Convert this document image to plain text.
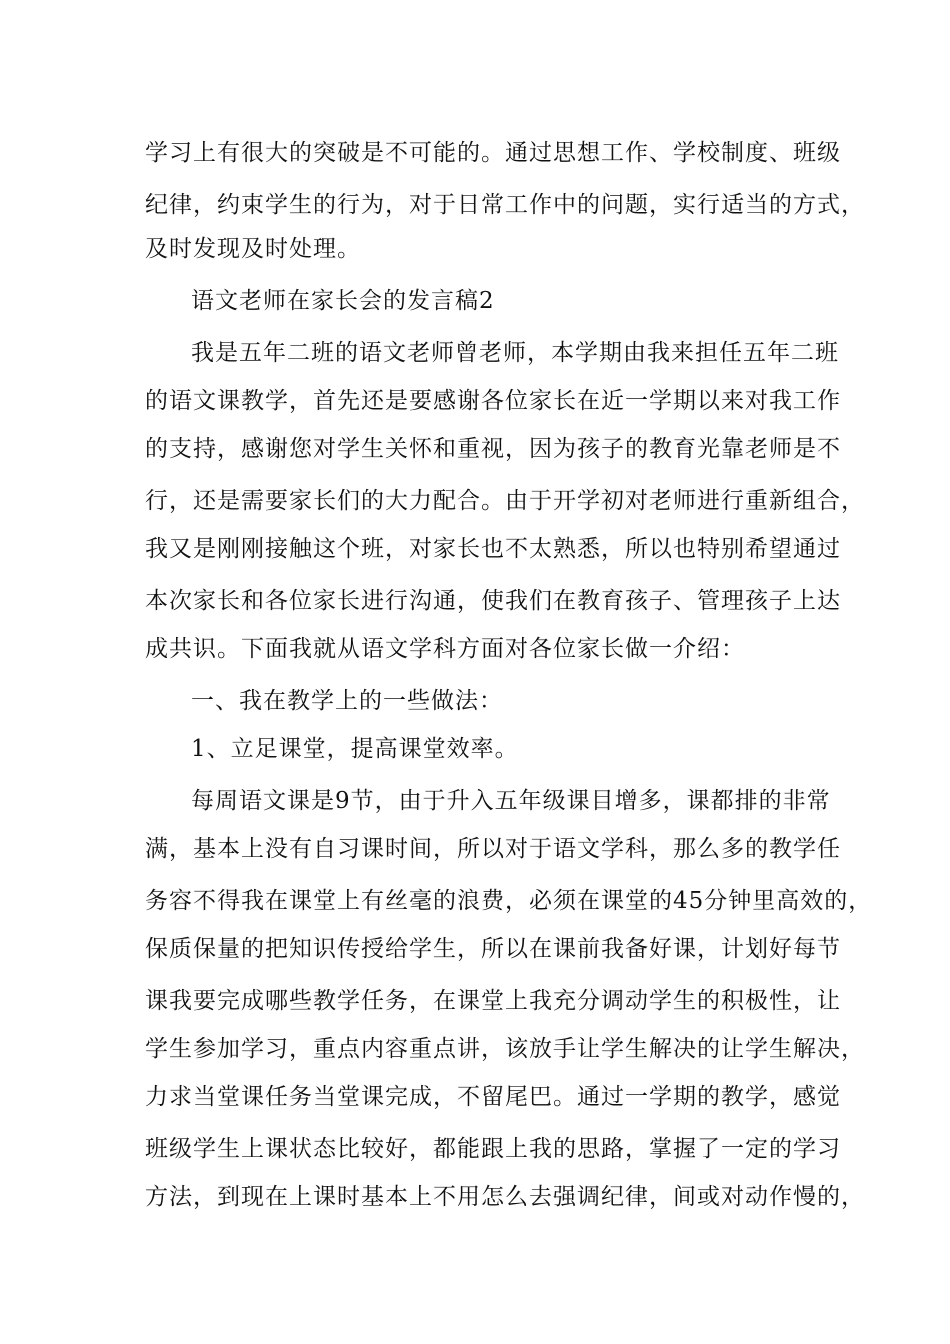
学习上有很大的突破是不可能的。通过思想工作、学校制度、班级
纪律，约束学生的行为，对于日常工作中的问题，实行适当的方式，
及时发现及时处理。
语文老师在家长会的发言稿2
我是五年二班的语文老师曾老师，本学期由我来担任五年二班
的语文课教学，首先还是要感谢各位家长在近一学期以来对我工作
的支持，感谢您对学生关怀和重视，因为孩子的教育光靠老师是不
行，还是需要家长们的大力配合。由于开学初对老师进行重新组合，
我又是刚刚接触这个班，对家长也不太熟悉，所以也特别希望通过
本次家长和各位家长进行沟通，使我们在教育孩子、管理孩子上达
成共识。下面我就从语文学科方面对各位家长做一介绍：
一、我在教学上的一些做法：
1、立足课堂，提高课堂效率。
每周语文课是9节，由于升入五年级课目增多，课都排的非常
满，基本上没有自习课时间，所以对于语文学科，那么多的教学任
务容不得我在课堂上有丝毫的浪费，必须在课堂的45分钟里高效的，
保质保量的把知识传授给学生，所以在课前我备好课，计划好每节
课我要完成哪些教学任务，在课堂上我充分调动学生的积极性，让
学生参加学习，重点内容重点讲，该放手让学生解决的让学生解决，
力求当堂课任务当堂课完成，不留尾巴。通过一学期的教学，感觉
班级学生上课状态比较好，都能跟上我的思路，掌握了一定的学习
方法，到现在上课时基本上不用怎么去强调纪律，间或对动作慢的，
